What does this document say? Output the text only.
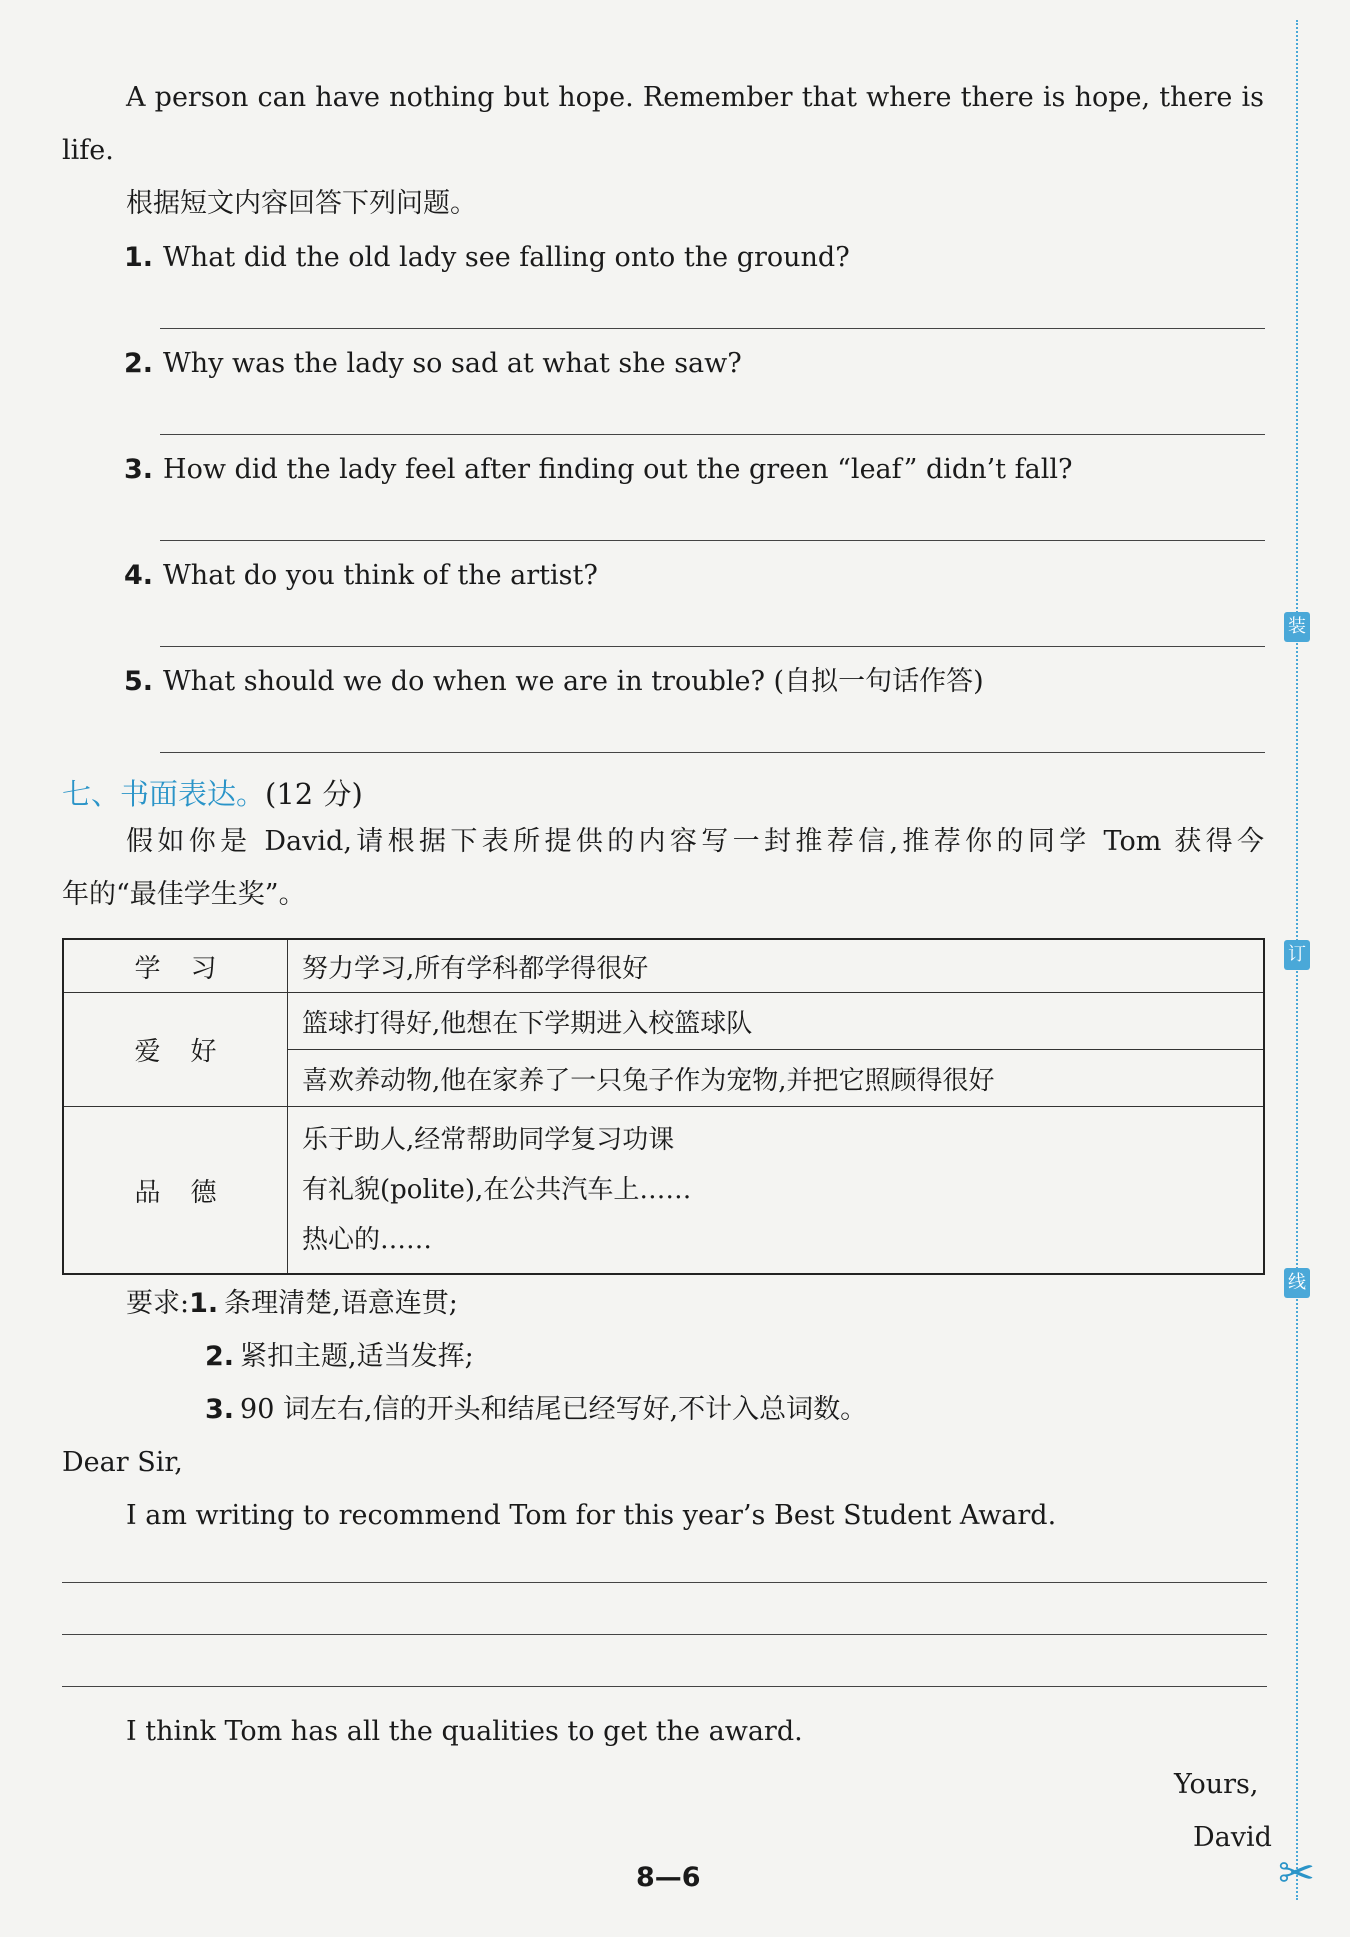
A person can have nothing but hope. Remember that where there is hope, there is
life.
根据短文内容回答下列问题。
1. What did the old lady see falling onto the ground?
2. Why was the lady so sad at what she saw?
3. How did the lady feel after finding out the green “leaf” didn’t fall?
4. What do you think of the artist?
5. What should we do when we are in trouble? (自拟一句话作答)
七、书面表达。(12 分)
假如你是 David,请根据下表所提供的内容写一封推荐信,推荐你的同学 Tom 获得今
年的“最佳学生奖”。
学习	努力学习,所有学科都学得很好
爱好	篮球打得好,他想在下学期进入校篮球队
	喜欢养动物,他在家养了一只兔子作为宠物,并把它照顾得很好
品德	乐于助人,经常帮助同学复习功课
有礼貌(polite),在公共汽车上……
热心的……
要求:1. 条理清楚,语意连贯;
2. 紧扣主题,适当发挥;
3. 90 词左右,信的开头和结尾已经写好,不计入总词数。
Dear Sir,
I am writing to recommend Tom for this year’s Best Student Award.
I think Tom has all the qualities to get the award.
Yours,
David
8—6
装
订
线
✂
